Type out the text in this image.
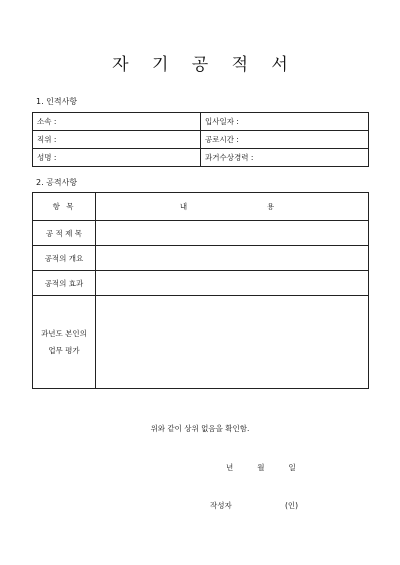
자 기 공 적 서
1. 인적사항
소속 :	입사일자 :
직위 :	공로시간 :
성명 :	과거수상경력 :
2. 공적사항
항 목	내 용

공 적 제 목	
공적의 개요	
공적의 효과	

과년도 본인의
업무 평가	

위와 같이 상위 없음을 확인함.
년	월	일
작성자	(인)
